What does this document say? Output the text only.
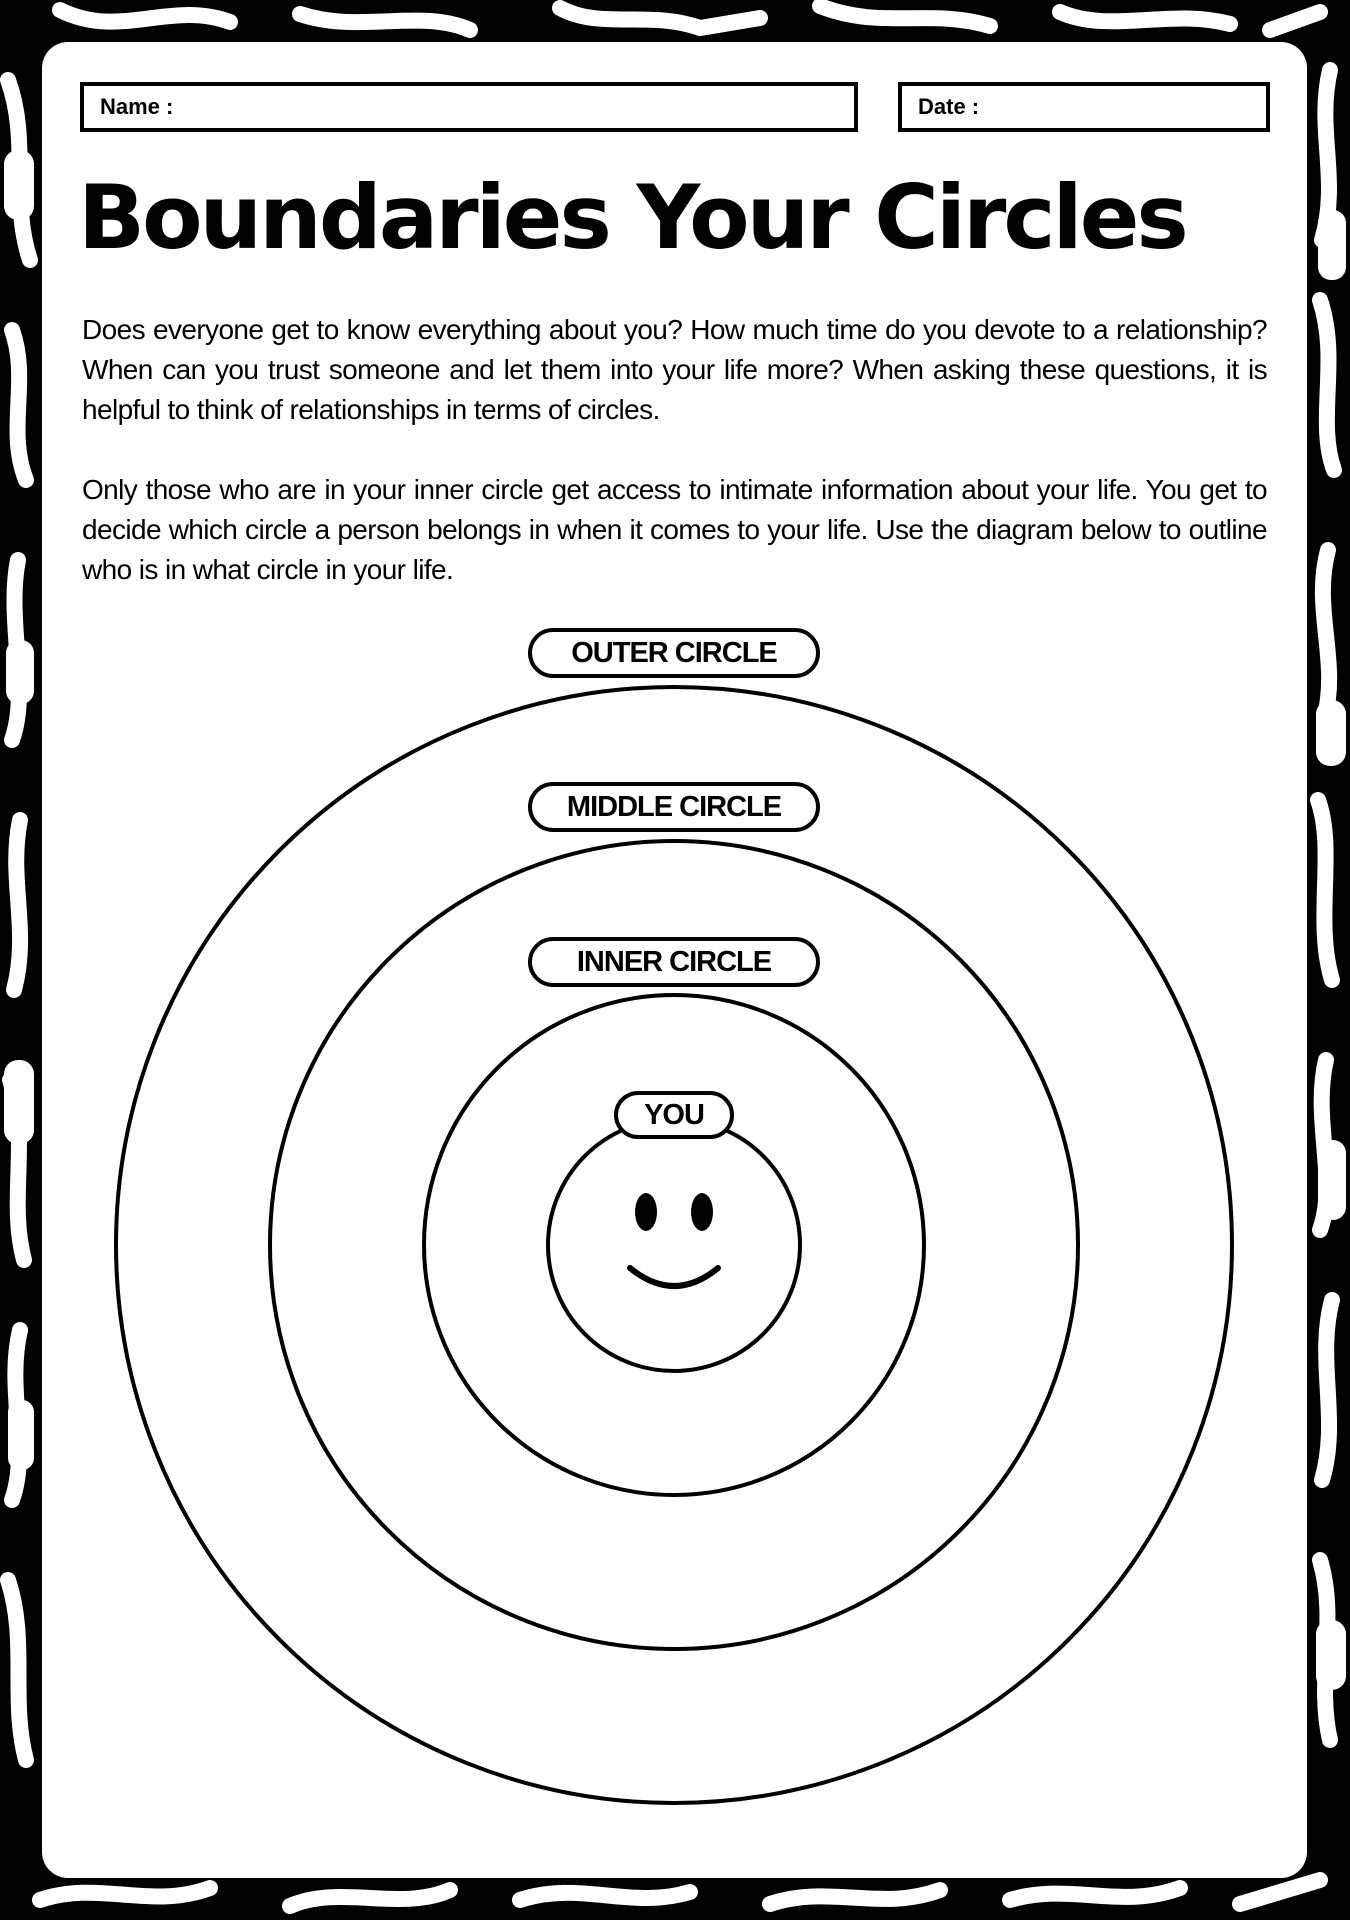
Name :	Date :
Boundaries Your Circles

Does everyone get to know everything about you? How much time do you devote to a relationship? When can you trust someone and let them into your life more? When asking these questions, it is helpful to think of relationships in terms of circles.

Only those who are in your inner circle get access to intimate information about your life. You get to decide which circle a person belongs in when it comes to your life. Use the diagram below to outline who is in what circle in your life.

OUTER CIRCLE
MIDDLE CIRCLE
INNER CIRCLE
YOU
